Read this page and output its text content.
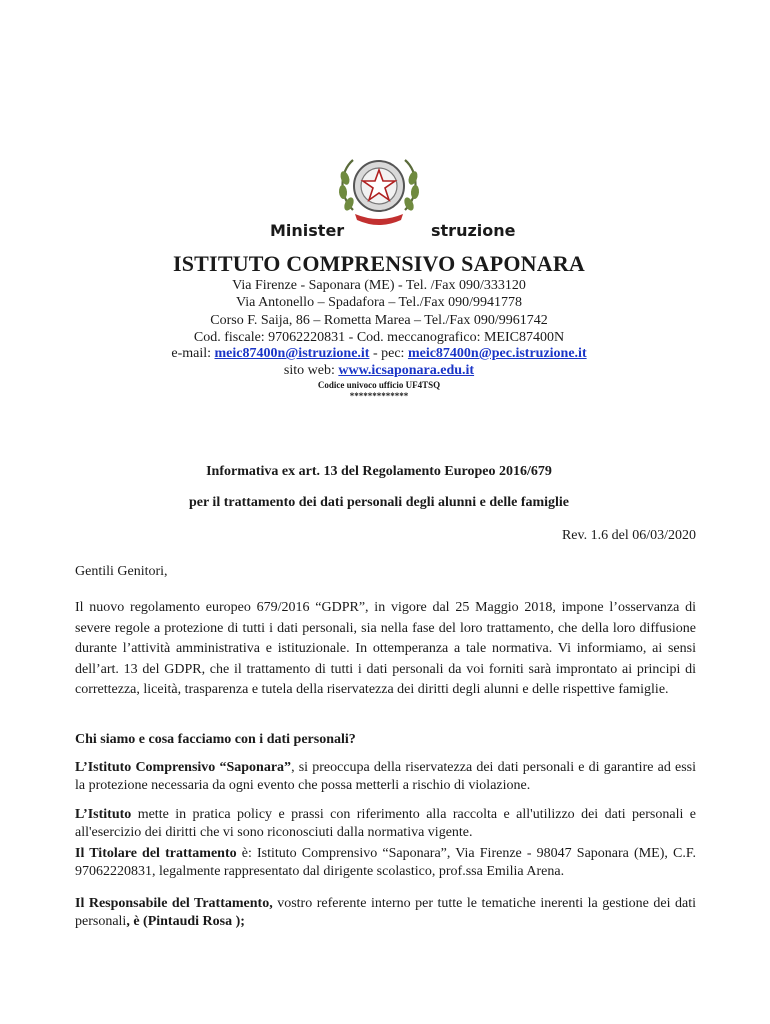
Minister	struzione
ISTITUTO COMPRENSIVO SAPONARA
Via Firenze - Saponara (ME) - Tel. /Fax 090/333120
Via Antonello – Spadafora – Tel./Fax 090/9941778
Corso F. Saija, 86 – Rometta Marea – Tel./Fax 090/9961742
Cod. fiscale: 97062220831 - Cod. meccanografico: MEIC87400N
e-mail: meic87400n@istruzione.it - pec: meic87400n@pec.istruzione.it
sito web: www.icsaponara.edu.it
Codice univoco ufficio UF4TSQ
*************
Informativa ex art. 13 del Regolamento Europeo 2016/679
per il trattamento dei dati personali degli alunni e delle famiglie
Rev. 1.6 del 06/03/2020
Gentili Genitori,
Il nuovo regolamento europeo 679/2016 “GDPR”, in vigore dal 25 Maggio 2018, impone l’osservanza di severe regole a protezione di tutti i dati personali, sia nella fase del loro trattamento, che della loro diffusione durante l’attività amministrativa e istituzionale. In ottemperanza a tale normativa. Vi informiamo, ai sensi dell’art. 13 del GDPR, che il trattamento di tutti i dati personali da voi forniti sarà improntato ai principi di correttezza, liceità, trasparenza e tutela della riservatezza dei diritti degli alunni e delle rispettive famiglie.
Chi siamo e cosa facciamo con i dati personali?
L’Istituto Comprensivo “Saponara”, si preoccupa della riservatezza dei dati personali e di garantire ad essi la protezione necessaria da ogni evento che possa metterli a rischio di violazione.
L’Istituto mette in pratica policy e prassi con riferimento alla raccolta e all'utilizzo dei dati personali e all'esercizio dei diritti che vi sono riconosciuti dalla normativa vigente.
Il Titolare del trattamento è: Istituto Comprensivo “Saponara”, Via Firenze - 98047 Saponara (ME), C.F. 97062220831, legalmente rappresentato dal dirigente scolastico, prof.ssa Emilia Arena.
Il Responsabile del Trattamento, vostro referente interno per tutte le tematiche inerenti la gestione dei dati personali, è (Pintaudi Rosa );
